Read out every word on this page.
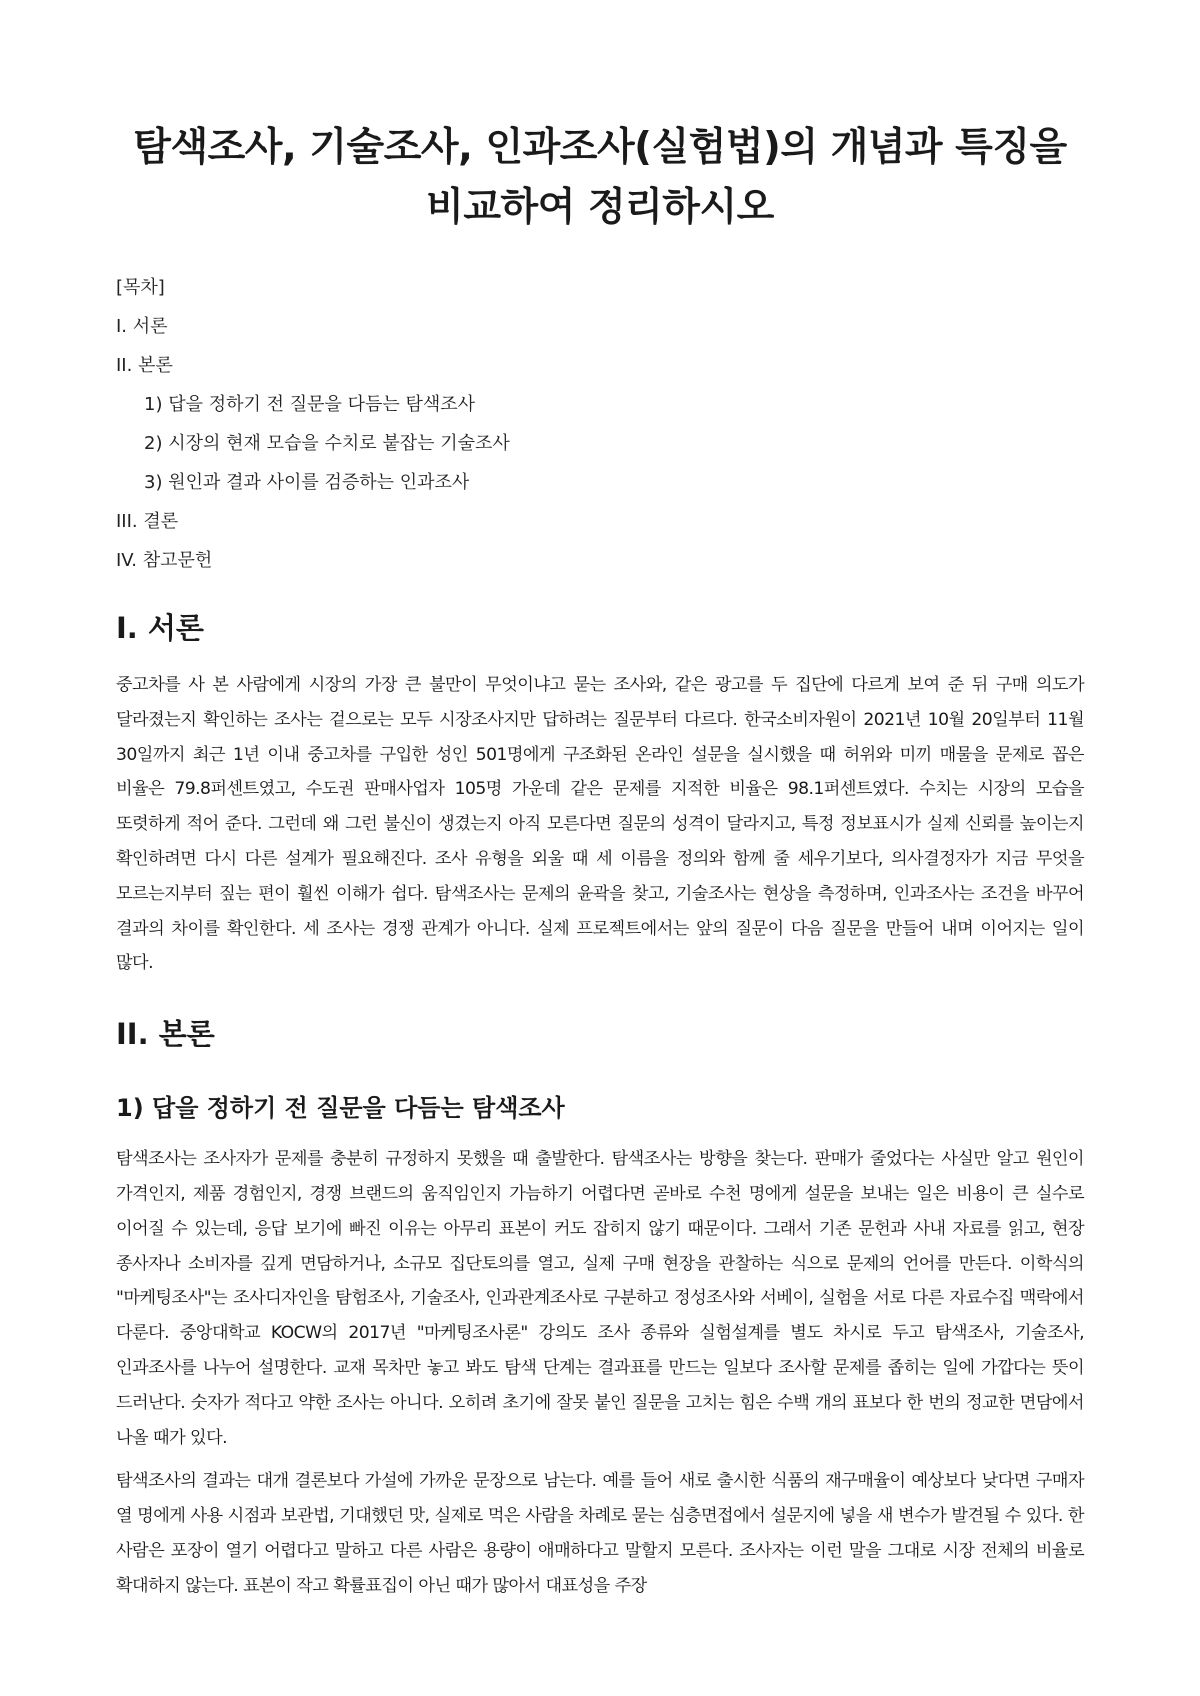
탐색조사, 기술조사, 인과조사(실험법)의 개념과 특징을 비교하여 정리하시오
[목차]
I. 서론
II. 본론
1) 답을 정하기 전 질문을 다듬는 탐색조사
2) 시장의 현재 모습을 수치로 붙잡는 기술조사
3) 원인과 결과 사이를 검증하는 인과조사
III. 결론
IV. 참고문헌
I. 서론

중고차를 사 본 사람에게 시장의 가장 큰 불만이 무엇이냐고 묻는 조사와, 같은 광고를 두 집단에 다르게 보여 준 뒤 구매 의도가 달라졌는지 확인하는 조사는 겉으로는 모두 시장조사지만 답하려는 질문부터 다르다. 한국소비자원이 2021년 10월 20일부터 11월 30일까지 최근 1년 이내 중고차를 구입한 성인 501명에게 구조화된 온라인 설문을 실시했을 때 허위와 미끼 매물을 문제로 꼽은 비율은 79.8퍼센트였고, 수도권 판매사업자 105명 가운데 같은 문제를 지적한 비율은 98.1퍼센트였다. 수치는 시장의 모습을 또렷하게 적어 준다. 그런데 왜 그런 불신이 생겼는지 아직 모른다면 질문의 성격이 달라지고, 특정 정보표시가 실제 신뢰를 높이는지 확인하려면 다시 다른 설계가 필요해진다. 조사 유형을 외울 때 세 이름을 정의와 함께 줄 세우기보다, 의사결정자가 지금 무엇을 모르는지부터 짚는 편이 훨씬 이해가 쉽다. 탐색조사는 문제의 윤곽을 찾고, 기술조사는 현상을 측정하며, 인과조사는 조건을 바꾸어 결과의 차이를 확인한다. 세 조사는 경쟁 관계가 아니다. 실제 프로젝트에서는 앞의 질문이 다음 질문을 만들어 내며 이어지는 일이 많다.

II. 본론
1) 답을 정하기 전 질문을 다듬는 탐색조사

탐색조사는 조사자가 문제를 충분히 규정하지 못했을 때 출발한다. 탐색조사는 방향을 찾는다. 판매가 줄었다는 사실만 알고 원인이 가격인지, 제품 경험인지, 경쟁 브랜드의 움직임인지 가늠하기 어렵다면 곧바로 수천 명에게 설문을 보내는 일은 비용이 큰 실수로 이어질 수 있는데, 응답 보기에 빠진 이유는 아무리 표본이 커도 잡히지 않기 때문이다. 그래서 기존 문헌과 사내 자료를 읽고, 현장 종사자나 소비자를 깊게 면담하거나, 소규모 집단토의를 열고, 실제 구매 현장을 관찰하는 식으로 문제의 언어를 만든다. 이학식의 "마케팅조사"는 조사디자인을 탐험조사, 기술조사, 인과관계조사로 구분하고 정성조사와 서베이, 실험을 서로 다른 자료수집 맥락에서 다룬다. 중앙대학교 KOCW의 2017년 "마케팅조사론" 강의도 조사 종류와 실험설계를 별도 차시로 두고 탐색조사, 기술조사, 인과조사를 나누어 설명한다. 교재 목차만 놓고 봐도 탐색 단계는 결과표를 만드는 일보다 조사할 문제를 좁히는 일에 가깝다는 뜻이 드러난다. 숫자가 적다고 약한 조사는 아니다. 오히려 초기에 잘못 붙인 질문을 고치는 힘은 수백 개의 표보다 한 번의 정교한 면담에서 나올 때가 있다.

탐색조사의 결과는 대개 결론보다 가설에 가까운 문장으로 남는다. 예를 들어 새로 출시한 식품의 재구매율이 예상보다 낮다면 구매자 열 명에게 사용 시점과 보관법, 기대했던 맛, 실제로 먹은 사람을 차례로 묻는 심층면접에서 설문지에 넣을 새 변수가 발견될 수 있다. 한 사람은 포장이 열기 어렵다고 말하고 다른 사람은 용량이 애매하다고 말할지 모른다. 조사자는 이런 말을 그대로 시장 전체의 비율로 확대하지 않는다. 표본이 작고 확률표집이 아닌 때가 많아서 대표성을 주장
